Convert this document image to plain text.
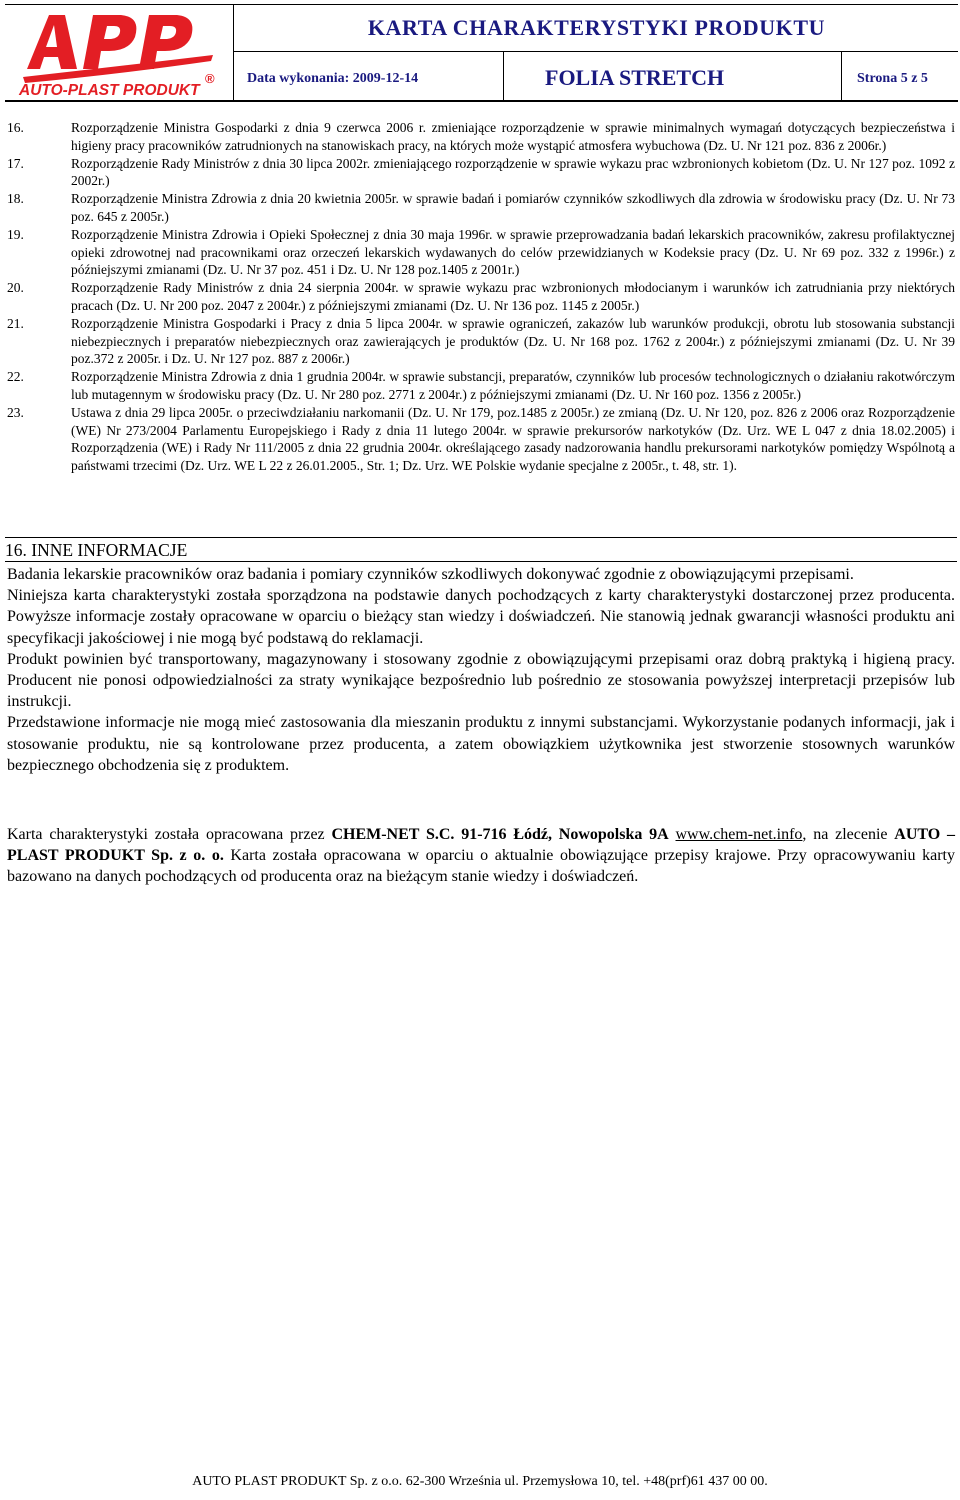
AUTO-PLAST PRODUKT
®
KARTA CHARAKTERYSTYKI PRODUKTU
Data wykonania: 2009-12-14	FOLIA STRETCH	Strona 5 z 5
16.	Rozporządzenie Ministra Gospodarki z dnia 9 czerwca 2006 r. zmieniające rozporządzenie w sprawie minimalnych wymagań dotyczących bezpieczeństwa i higieny pracy pracowników zatrudnionych na stanowiskach pracy, na których może wystąpić atmosfera wybuchowa (Dz. U. Nr 121 poz. 836 z 2006r.)
17.	Rozporządzenie Rady Ministrów z dnia 30 lipca 2002r. zmieniającego rozporządzenie w sprawie wykazu prac wzbronionych kobietom (Dz. U. Nr 127 poz. 1092 z 2002r.)
18.	Rozporządzenie Ministra Zdrowia z dnia 20 kwietnia 2005r. w sprawie badań i pomiarów czynników szkodliwych dla zdrowia w środowisku pracy (Dz. U. Nr 73 poz. 645 z 2005r.)
19.	Rozporządzenie Ministra Zdrowia i Opieki Społecznej z dnia 30 maja 1996r. w sprawie przeprowadzania badań lekarskich pracowników, zakresu profilaktycznej opieki zdrowotnej nad pracownikami oraz orzeczeń lekarskich wydawanych do celów przewidzianych w Kodeksie pracy (Dz. U. Nr 69 poz. 332 z 1996r.) z późniejszymi zmianami (Dz. U. Nr 37 poz. 451 i Dz. U. Nr 128 poz.1405 z 2001r.)
20.	Rozporządzenie Rady Ministrów z dnia 24 sierpnia 2004r. w sprawie wykazu prac wzbronionych młodocianym i warunków ich zatrudniania przy niektórych pracach (Dz. U. Nr 200 poz. 2047 z 2004r.) z późniejszymi zmianami (Dz. U. Nr 136 poz. 1145 z 2005r.)
21.	Rozporządzenie Ministra Gospodarki i Pracy z dnia 5 lipca 2004r. w sprawie ograniczeń, zakazów lub warunków produkcji, obrotu lub stosowania substancji niebezpiecznych i preparatów niebezpiecznych oraz zawierających je produktów (Dz. U. Nr 168 poz. 1762 z 2004r.) z późniejszymi zmianami (Dz. U. Nr 39 poz.372 z 2005r. i Dz. U. Nr 127 poz. 887 z 2006r.)
22.	Rozporządzenie Ministra Zdrowia z dnia 1 grudnia 2004r. w sprawie substancji, preparatów, czynników lub procesów technologicznych o działaniu rakotwórczym lub mutagennym w środowisku pracy (Dz. U. Nr 280 poz. 2771 z 2004r.) z późniejszymi zmianami (Dz. U. Nr 160 poz. 1356 z 2005r.)
23.	Ustawa z dnia 29 lipca 2005r. o przeciwdziałaniu narkomanii (Dz. U. Nr 179, poz.1485 z 2005r.) ze zmianą (Dz. U. Nr 120, poz. 826 z 2006 oraz Rozporządzenie (WE) Nr 273/2004 Parlamentu Europejskiego i Rady z dnia 11 lutego 2004r. w sprawie prekursorów narkotyków (Dz. Urz. WE L 047 z dnia 18.02.2005) i Rozporządzenia (WE) i Rady Nr 111/2005 z dnia 22 grudnia 2004r. określającego zasady nadzorowania handlu prekursorami narkotyków pomiędzy Wspólnotą a państwami trzecimi (Dz. Urz. WE L 22 z 26.01.2005., Str. 1; Dz. Urz. WE Polskie wydanie specjalne z 2005r., t. 48, str. 1).
16. INNE INFORMACJE

Badania lekarskie pracowników oraz badania i pomiary czynników szkodliwych dokonywać zgodnie z obowiązującymi przepisami.

Niniejsza karta charakterystyki została sporządzona na podstawie danych pochodzących z karty charakterystyki dostarczonej przez producenta. Powyższe informacje zostały opracowane w oparciu o bieżący stan wiedzy i doświadczeń. Nie stanowią jednak gwarancji własności produktu ani specyfikacji jakościowej i nie mogą być podstawą do reklamacji.

Produkt powinien być transportowany, magazynowany i stosowany zgodnie z obowiązującymi przepisami oraz dobrą praktyką i higieną pracy. Producent nie ponosi odpowiedzialności za straty wynikające bezpośrednio lub pośrednio ze stosowania powyższej interpretacji przepisów lub instrukcji.

Przedstawione informacje nie mogą mieć zastosowania dla mieszanin produktu z innymi substancjami. Wykorzystanie podanych informacji, jak i stosowanie produktu, nie są kontrolowane przez producenta, a zatem obowiązkiem użytkownika jest stworzenie stosownych warunków bezpiecznego obchodzenia się z produktem.

Karta charakterystyki została opracowana przez CHEM-NET S.C. 91-716 Łódź, Nowopolska 9A www.chem-net.info, na zlecenie AUTO – PLAST PRODUKT Sp. z o. o. Karta została opracowana w oparciu o aktualnie obowiązujące przepisy krajowe. Przy opracowywaniu karty bazowano na danych pochodzących od producenta oraz na bieżącym stanie wiedzy i doświadczeń.

AUTO PLAST PRODUKT Sp. z o.o. 62-300 Września ul. Przemysłowa 10, tel. +48(prf)61 437 00 00.
